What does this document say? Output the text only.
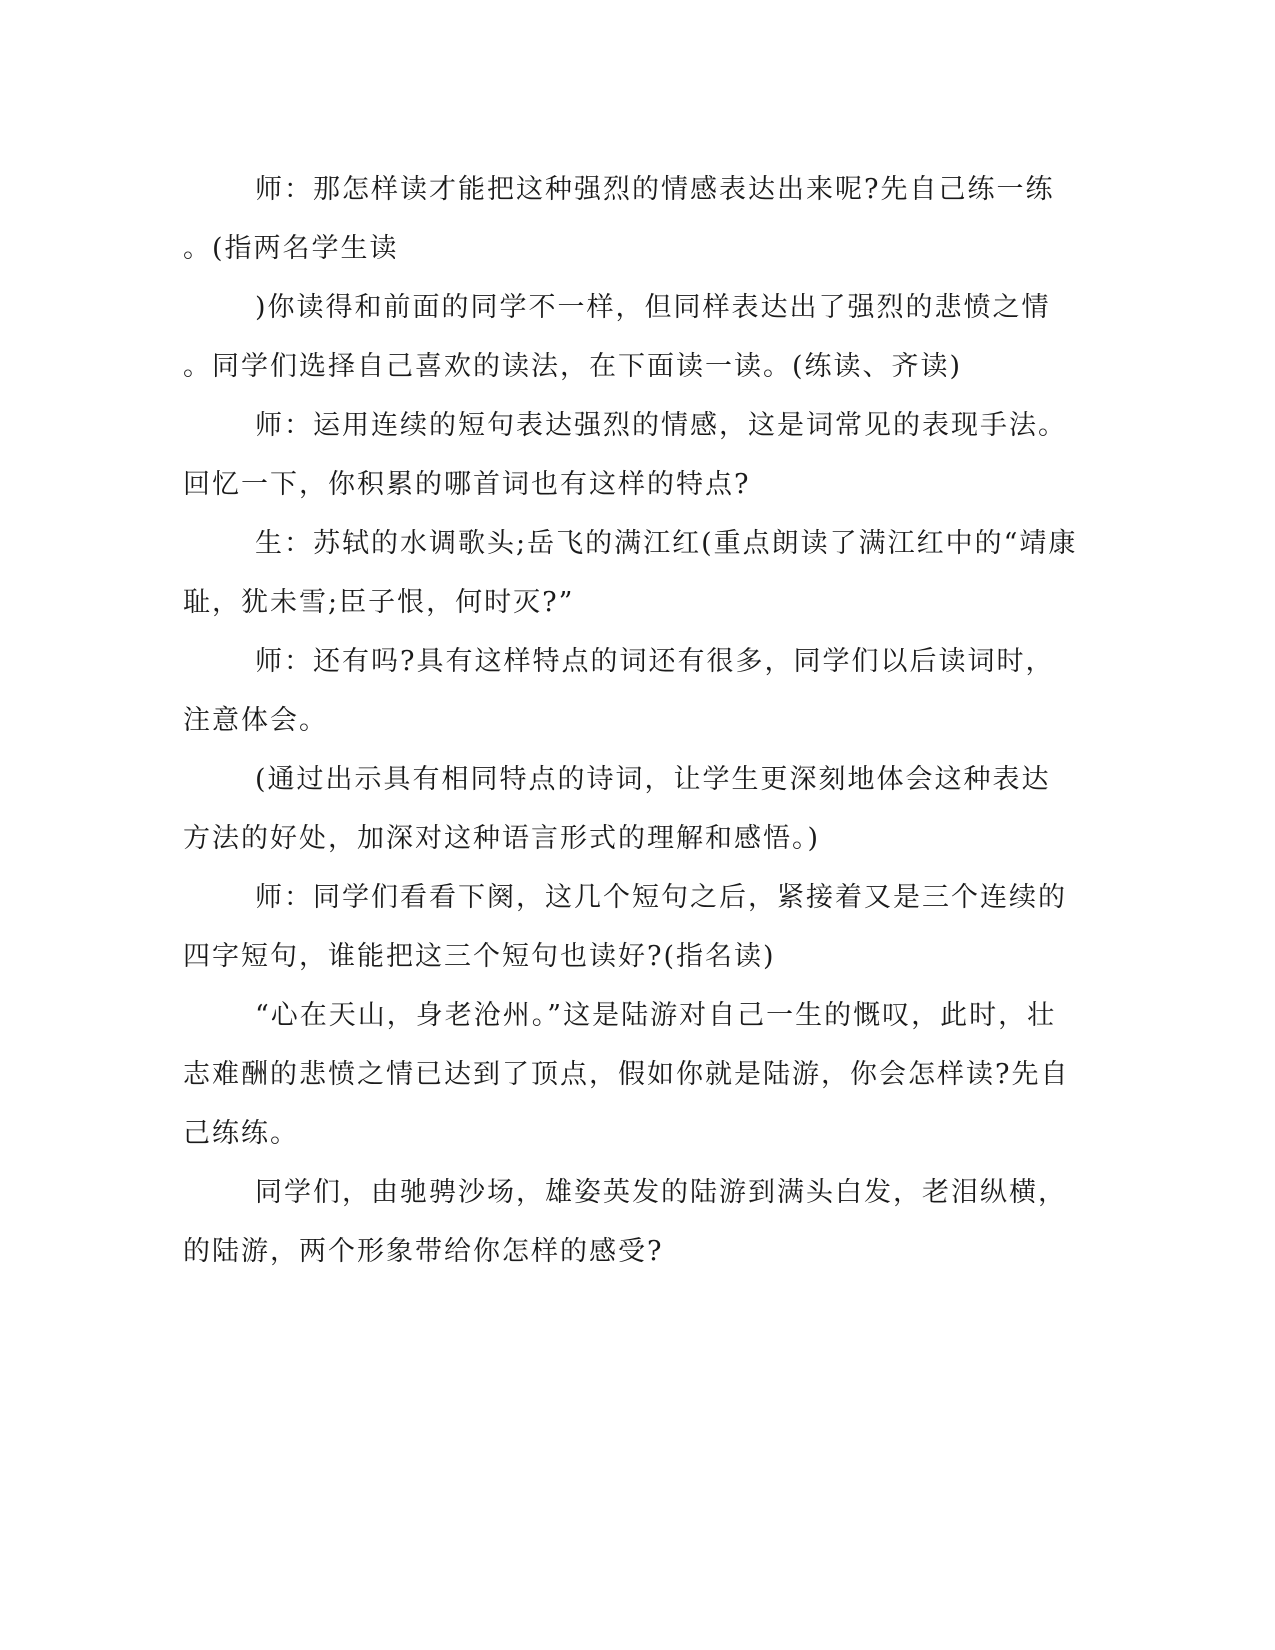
师：那怎样读才能把这种强烈的情感表达出来呢?先自己练一练
。(指两名学生读
)你读得和前面的同学不一样，但同样表达出了强烈的悲愤之情
。同学们选择自己喜欢的读法，在下面读一读。(练读、齐读)
师：运用连续的短句表达强烈的情感，这是词常见的表现手法。
回忆一下，你积累的哪首词也有这样的特点?
生：苏轼的水调歌头;岳飞的满江红(重点朗读了满江红中的“靖康
耻，犹未雪;臣子恨，何时灭?”
师：还有吗?具有这样特点的词还有很多，同学们以后读词时，
注意体会。
(通过出示具有相同特点的诗词，让学生更深刻地体会这种表达
方法的好处，加深对这种语言形式的理解和感悟。)
师：同学们看看下阕，这几个短句之后，紧接着又是三个连续的
四字短句，谁能把这三个短句也读好?(指名读)
“心在天山，身老沧州。”这是陆游对自己一生的慨叹，此时，壮
志难酬的悲愤之情已达到了顶点，假如你就是陆游，你会怎样读?先自
己练练。
同学们，由驰骋沙场，雄姿英发的陆游到满头白发，老泪纵横，
的陆游，两个形象带给你怎样的感受?
